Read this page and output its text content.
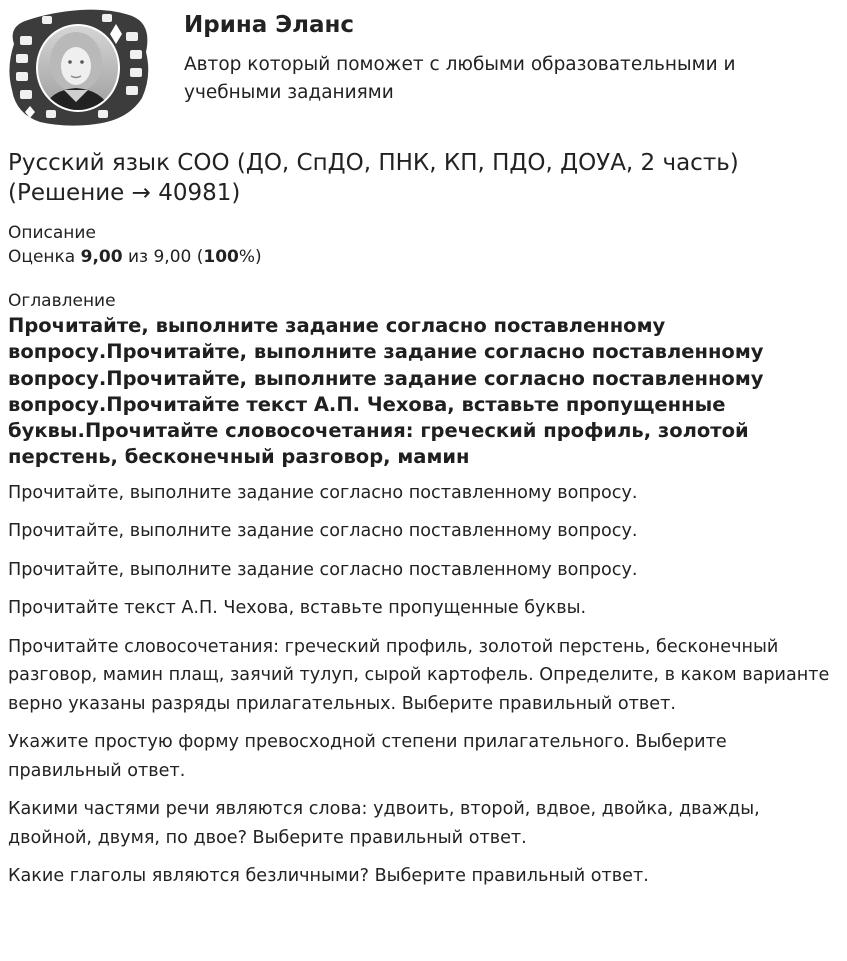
Ирина Эланс
Автор который поможет с любыми образовательными и учебными заданиями
Русский язык СОО (ДО, СпДО, ПНК, КП, ПДО, ДОУА, 2 часть) (Решение → 40981)
Описание
Оценка 9,00 из 9,00 (100%)
Оглавление
Прочитайте, выполните задание согласно поставленному вопросу.Прочитайте, выполните задание согласно поставленному вопросу.Прочитайте, выполните задание согласно поставленному вопросу.Прочитайте текст А.П. Чехова, вставьте пропущенные буквы.Прочитайте словосочетания: греческий профиль, золотой перстень, бесконечный разговор, мамин

Прочитайте, выполните задание согласно поставленному вопросу.

Прочитайте, выполните задание согласно поставленному вопросу.

Прочитайте, выполните задание согласно поставленному вопросу.

Прочитайте текст А.П. Чехова, вставьте пропущенные буквы.

Прочитайте словосочетания: греческий профиль, золотой перстень, бесконечный разговор, мамин плащ, заячий тулуп, сырой картофель. Определите, в каком варианте верно указаны разряды прилагательных. Выберите правильный ответ.

Укажите простую форму превосходной степени прилагательного. Выберите правильный ответ.

Какими частями речи являются слова: удвоить, второй, вдвое, двойка, дважды, двойной, двумя, по двое? Выберите правильный ответ.

Какие глаголы являются безличными? Выберите правильный ответ.
